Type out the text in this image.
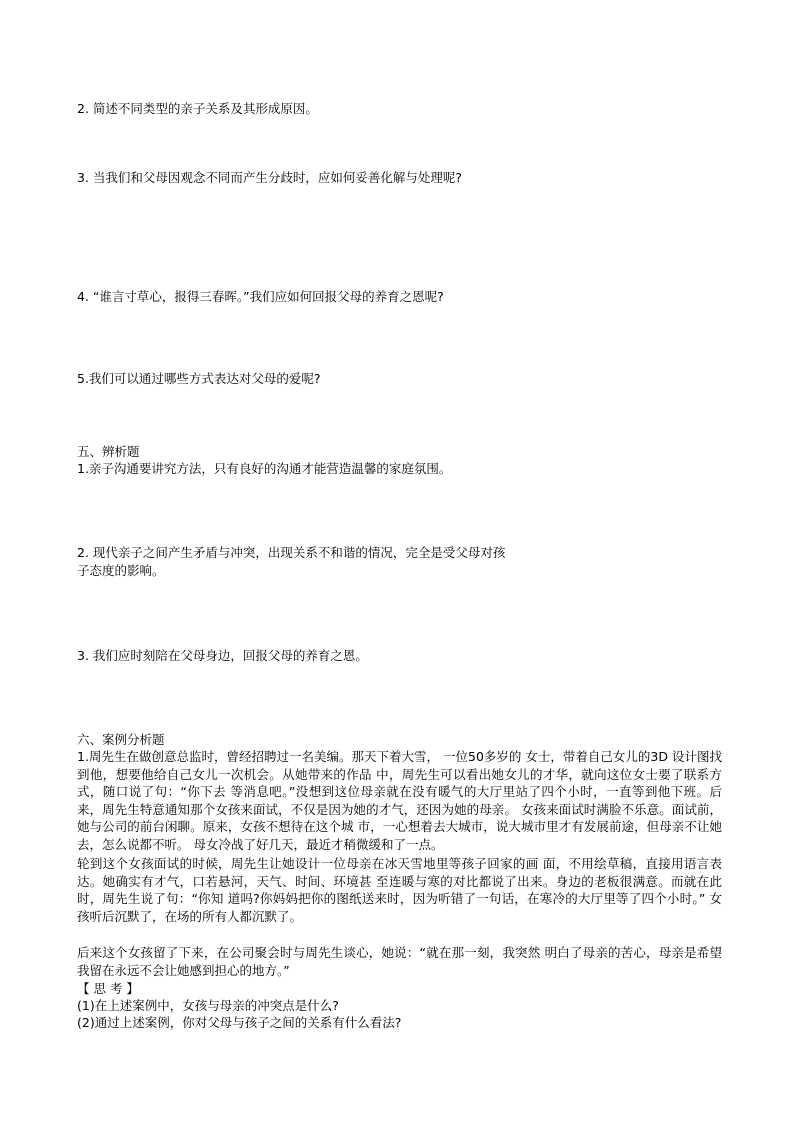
2. 简述不同类型的亲子关系及其形成原因。

3. 当我们和父母因观念不同而产生分歧时，应如何妥善化解与处理呢?

4. “谁言寸草心，报得三春晖。”我们应如何回报父母的养育之恩呢?

5.我们可以通过哪些方式表达对父母的爱呢?

五、辨析题

1.亲子沟通要讲究方法，只有良好的沟通才能营造温馨的家庭氛围。

2. 现代亲子之间产生矛盾与冲突，出现关系不和谐的情况，完全是受父母对孩

子态度的影响。

3. 我们应时刻陪在父母身边，回报父母的养育之恩。

六、案例分析题

1.周先生在做创意总监时，曾经招聘过一名美编。那天下着大雪， 一位50多岁的 女士，带着自己女儿的3D 设计图找到他，想要他给自己女儿一次机会。从她带来的作品 中，周先生可以看出她女儿的才华，就向这位女士要了联系方式，随口说了句：“你下去 等消息吧。”没想到这位母亲就在没有暖气的大厅里站了四个小时，一直等到他下班。后来，周先生特意通知那个女孩来面试，不仅是因为她的才气，还因为她的母亲。 女孩来面试时满脸不乐意。面试前，她与公司的前台闲聊。原来，女孩不想待在这个城 市，一心想着去大城市，说大城市里才有发展前途，但母亲不让她去，怎么说都不听。 母女冷战了好几天，最近才稍微缓和了一点。

轮到这个女孩面试的时候，周先生让她设计一位母亲在冰天雪地里等孩子回家的画 面，不用绘草稿，直接用语言表达。她确实有才气，口若悬河，天气、时间、环境甚 至连暖与寒的对比都说了出来。身边的老板很满意。而就在此时，周先生说了句：“你知 道吗?你妈妈把你的图纸送来时，因为听错了一句话，在寒冷的大厅里等了四个小时。” 女孩听后沉默了，在场的所有人都沉默了。

后来这个女孩留了下来，在公司聚会时与周先生谈心，她说：“就在那一刻，我突然 明白了母亲的苦心，母亲是希望我留在永远不会让她感到担心的地方。”

【 思 考 】

(1)在上述案例中，女孩与母亲的冲突点是什么?

(2)通过上述案例，你对父母与孩子之间的关系有什么看法?
